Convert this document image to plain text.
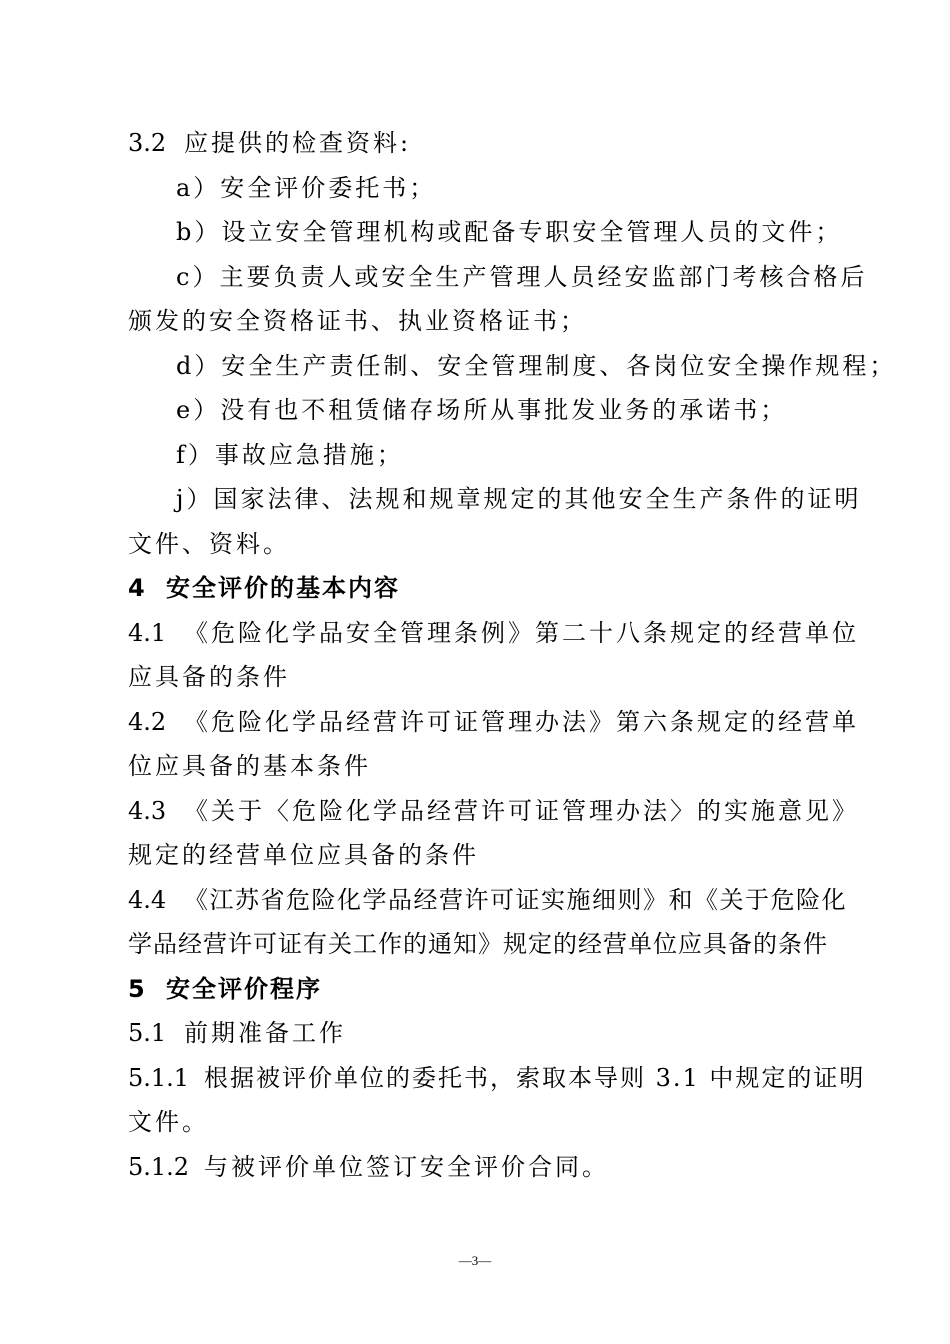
3.2 应提供的检查资料:
a）安全评价委托书；
b）设立安全管理机构或配备专职安全管理人员的文件；
c）主要负责人或安全生产管理人员经安监部门考核合格后
颁发的安全资格证书、执业资格证书；
d）安全生产责任制、安全管理制度、各岗位安全操作规程；
e）没有也不租赁储存场所从事批发业务的承诺书；
f）事故应急措施；
j）国家法律、法规和规章规定的其他安全生产条件的证明
文件、资料。
4 安全评价的基本内容
4.1 《危险化学品安全管理条例》第二十八条规定的经营单位
应具备的条件
4.2 《危险化学品经营许可证管理办法》第六条规定的经营单
位应具备的基本条件
4.3 《关于〈危险化学品经营许可证管理办法〉的实施意见》
规定的经营单位应具备的条件
4.4 《江苏省危险化学品经营许可证实施细则》和《关于危险化
学品经营许可证有关工作的通知》规定的经营单位应具备的条件
5 安全评价程序
5.1 前期准备工作
5.1.1 根据被评价单位的委托书，索取本导则 3.1 中规定的证明
文件。
5.1.2 与被评价单位签订安全评价合同。
—3—
